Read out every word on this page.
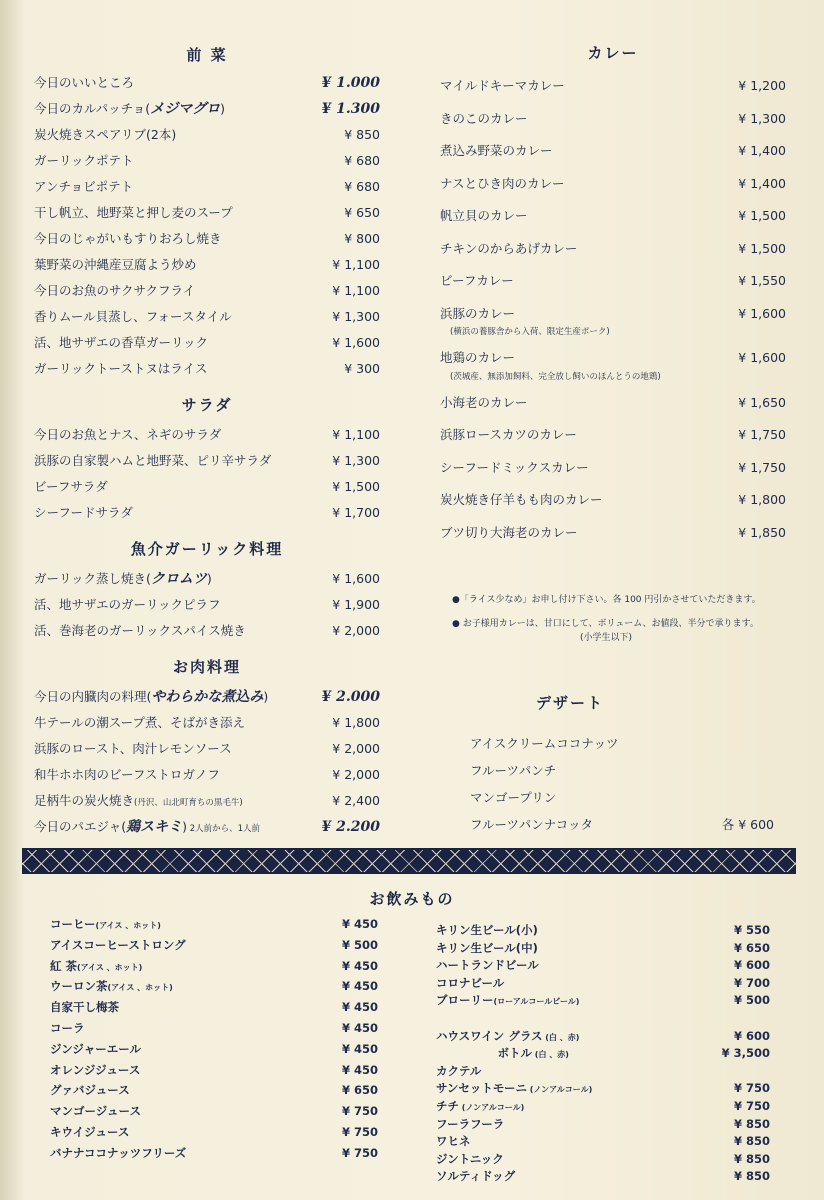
前 菜
今日のいいところ	¥ 1.000
今日のカルパッチョ(メジマグロ)	¥ 1.300
炭火焼きスペアリブ(2本)	¥ 850
ガーリックポテト	¥ 680
アンチョビポテト	¥ 680
干し帆立、地野菜と押し麦のスープ	¥ 650
今日のじゃがいもすりおろし焼き	¥ 800
葉野菜の沖縄産豆腐よう炒め	¥ 1,100
今日のお魚のサクサクフライ	¥ 1,100
香りムール貝蒸し、フォースタイル	¥ 1,300
活、地サザエの香草ガーリック	¥ 1,600
ガーリックトーストヌはライス	¥ 300
サラダ
今日のお魚とナス、ネギのサラダ	¥ 1,100
浜豚の自家製ハムと地野菜、ピリ辛サラダ	¥ 1,300
ビーフサラダ	¥ 1,500
シーフードサラダ	¥ 1,700
魚介ガーリック料理
ガーリック蒸し焼き(クロムツ)	¥ 1,600
活、地サザエのガーリックピラフ	¥ 1,900
活、巻海老のガーリックスパイス焼き	¥ 2,000
お肉料理
今日の内臓肉の料理(やわらかな煮込み)	¥ 2.000
牛テールの潮スープ煮、そばがき添え	¥ 1,800
浜豚のロースト、肉汁レモンソース	¥ 2,000
和牛ホホ肉のビーフストロガノフ	¥ 2,000
足柄牛の炭火焼き(丹沢、山北町育ちの黒毛牛)	¥ 2,400
今日のパエジャ(鶏スキミ) 2人前から、1人前	¥ 2.200
カレー
マイルドキーマカレー	¥ 1,200
きのこのカレー	¥ 1,300
煮込み野菜のカレー	¥ 1,400
ナスとひき肉のカレー	¥ 1,400
帆立貝のカレー	¥ 1,500
チキンのからあげカレー	¥ 1,500
ビーフカレー	¥ 1,550
浜豚のカレー	¥ 1,600
(横浜の養豚舎から入荷、限定生産ポーク)
地鶏のカレー	¥ 1,600
(茨城産、無添加飼料、完全放し飼いのほんとうの地鶏)
小海老のカレー	¥ 1,650
浜豚ロースカツのカレー	¥ 1,750
シーフードミックスカレー	¥ 1,750
炭火焼き仔羊もも肉のカレー	¥ 1,800
ブツ切り大海老のカレー	¥ 1,850
●「ライス少なめ」お申し付け下さい。各 100 円引かさせていただきます。
● お子様用カレーは、甘口にして、ボリューム、お値段、半分で承ります。
(小学生以下)
デザート
アイスクリームココナッツ
フルーツパンチ
マンゴープリン
フルーツパンナコッタ	各 ¥ 600
お飲みもの
コーヒー(アイス 、ホット)	¥ 450
アイスコーヒーストロング	¥ 500
紅 茶(アイス 、ホット)	¥ 450
ウーロン茶(アイス 、ホット)	¥ 450
自家干し梅茶	¥ 450
コーラ	¥ 450
ジンジャーエール	¥ 450
オレンジジュース	¥ 450
グァバジュース	¥ 650
マンゴージュース	¥ 750
キウイジュース	¥ 750
バナナココナッツフリーズ	¥ 750
キリン生ビール(小)	¥ 550
キリン生ビール(中)	¥ 650
ハートランドビール	¥ 600
コロナビール	¥ 700
ブローリー(ローアルコールビール)	¥ 500
ハウスワイン グラス (白 、赤)	¥ 600
　　　　　 ボトル (白 、赤)	¥ 3,500
カクテル
サンセットモーニ (ノンアルコール)	¥ 750
チチ (ノンアルコール)	¥ 750
フーラフーラ	¥ 850
ワヒネ	¥ 850
ジントニック	¥ 850
ソルティドッグ	¥ 850
